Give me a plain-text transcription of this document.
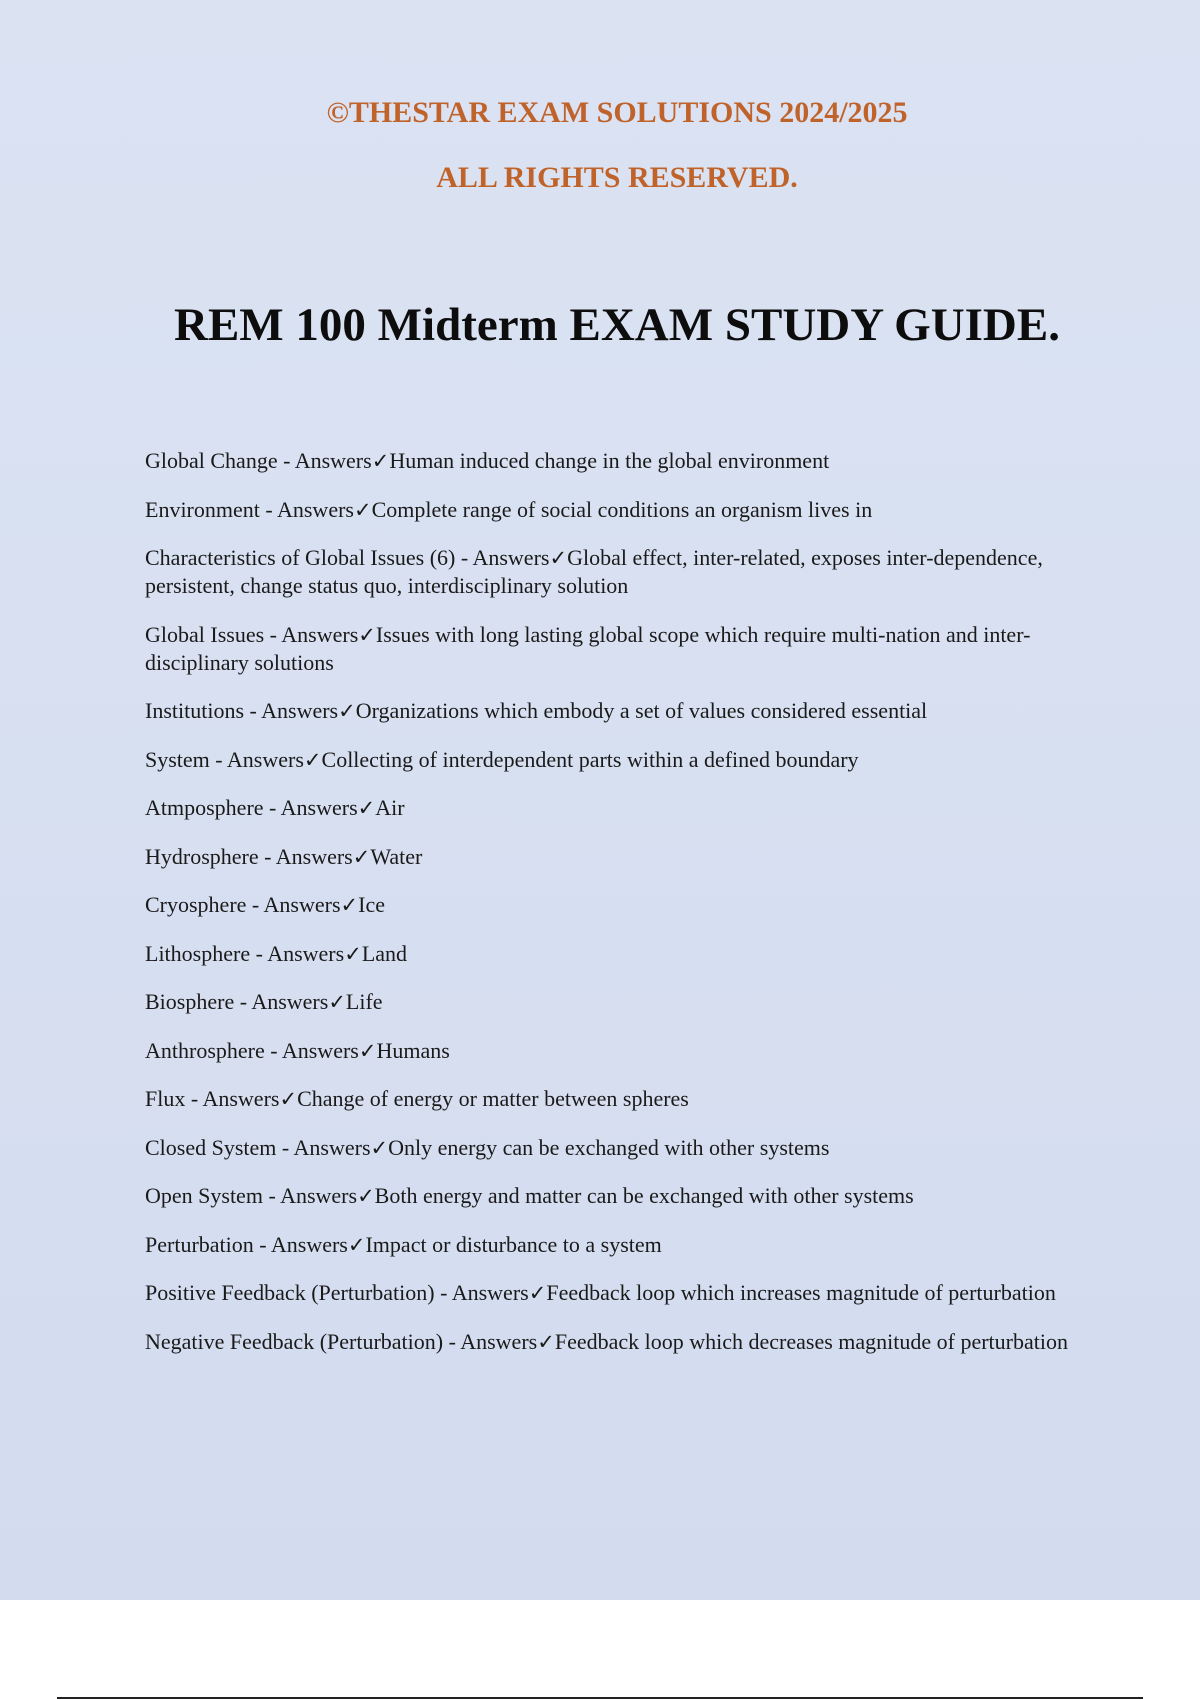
©THESTAR EXAM SOLUTIONS 2024/2025
ALL RIGHTS RESERVED.
REM 100 Midterm EXAM STUDY GUIDE.
Global Change - Answers✓Human induced change in the global environment
Environment - Answers✓Complete range of social conditions an organism lives in
Characteristics of Global Issues (6) - Answers✓Global effect, inter-related, exposes inter-dependence, persistent, change status quo, interdisciplinary solution
Global Issues - Answers✓Issues with long lasting global scope which require multi-nation and inter-disciplinary solutions
Institutions - Answers✓Organizations which embody a set of values considered essential
System - Answers✓Collecting of interdependent parts within a defined boundary
Atmposphere - Answers✓Air
Hydrosphere - Answers✓Water
Cryosphere - Answers✓Ice
Lithosphere - Answers✓Land
Biosphere - Answers✓Life
Anthrosphere - Answers✓Humans
Flux - Answers✓Change of energy or matter between spheres
Closed System - Answers✓Only energy can be exchanged with other systems
Open System - Answers✓Both energy and matter can be exchanged with other systems
Perturbation - Answers✓Impact or disturbance to a system
Positive Feedback (Perturbation) - Answers✓Feedback loop which increases magnitude of perturbation
Negative Feedback (Perturbation) - Answers✓Feedback loop which decreases magnitude of perturbation
